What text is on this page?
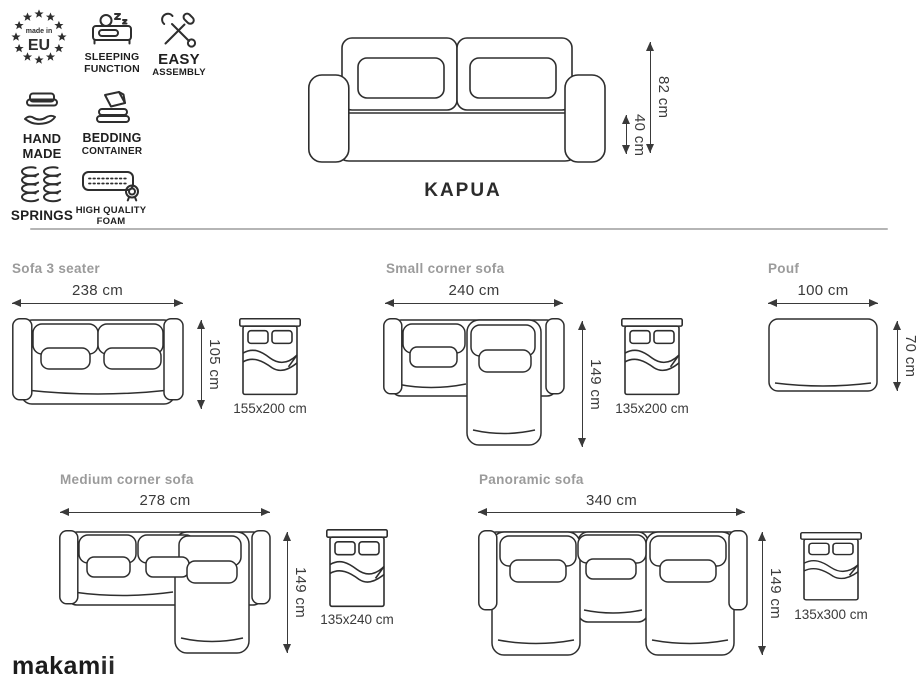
made in
EU
SLEEPING
FUNCTION
EASY
ASSEMBLY
HAND
MADE
BEDDING
CONTAINER
SPRINGS HIGH QUALITY
FOAM
KAPUA
82 cm
40 cm
Sofa 3 seater
238 cm
105 cm
155x200 cm
Small corner sofa
240 cm
149 cm 135x200 cm
Pouf
100 cm
70 cm
Medium corner sofa
278 cm
149 cm
135x240 cm
Panoramic sofa
340 cm
149 cm 135x300 cm
makamii
